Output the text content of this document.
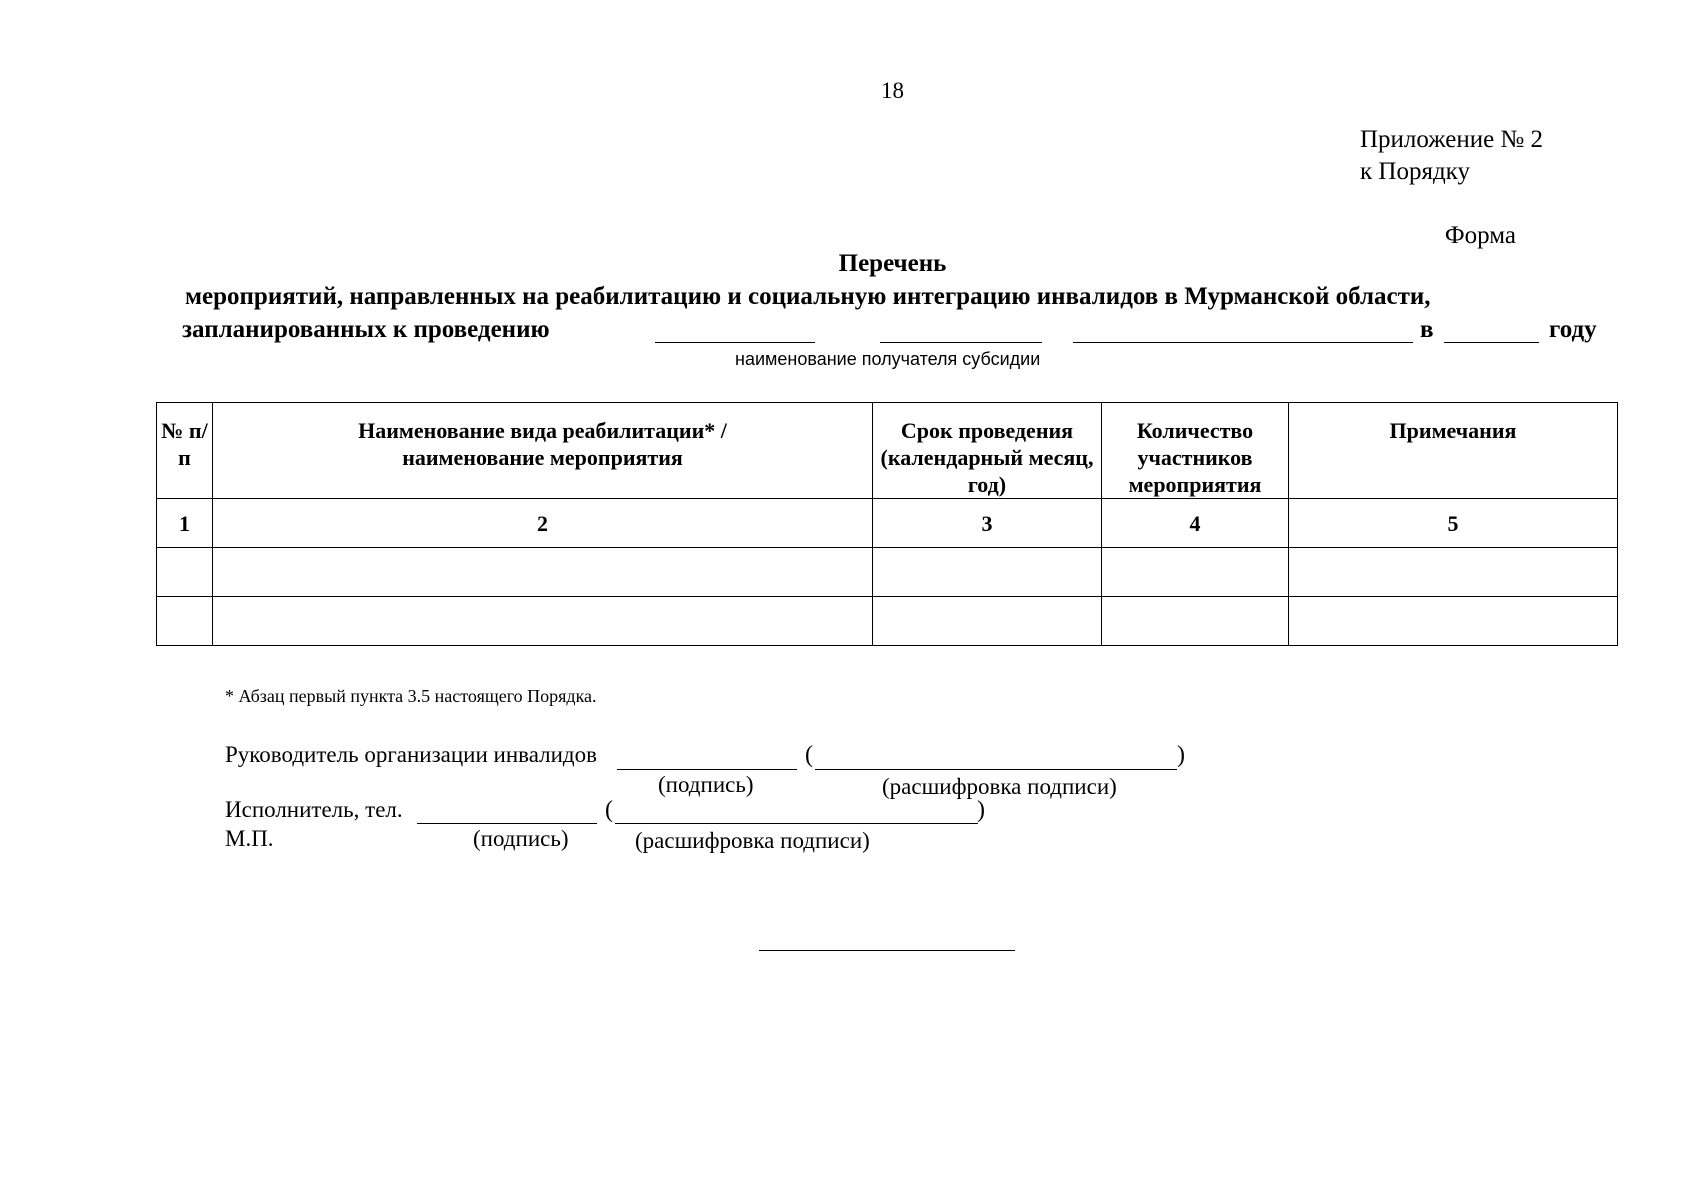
18
Приложение № 2
к Порядку
Форма
Перечень
мероприятий, направленных на реабилитацию и социальную интеграцию инвалидов в Мурманской области,
запланированных к проведению	в	году
наименование получателя субсидии
№ п/п	Наименование вида реабилитации* / наименование мероприятия	Срок проведения (календарный месяц, год)	Количество участников мероприятия	Примечания
1	2	3	4	5

* Абзац первый пункта 3.5 настоящего Порядка.
Руководитель организации инвалидов	(	)
(подпись)	(расшифровка подписи)
Исполнитель, тел.	(	)
М.П.	(подпись)	(расшифровка подписи)
